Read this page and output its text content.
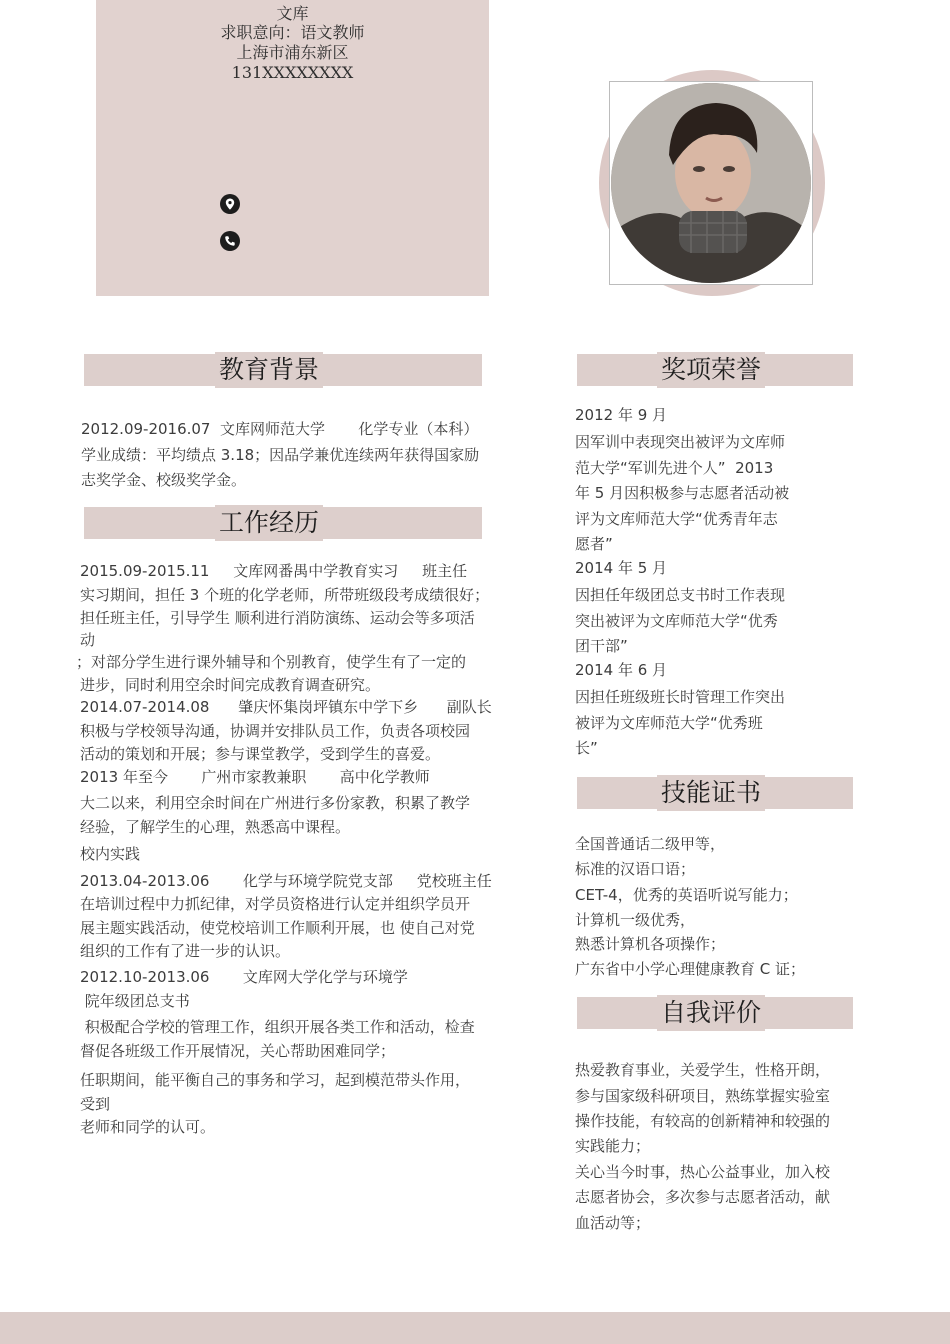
文库
求职意向：语文教师
上海市浦东新区
131XXXXXXXX
教育背景
2012.09-2016.07  文库网师范大学       化学专业（本科）
学业成绩：平均绩点 3.18；因品学兼优连续两年获得国家励
志奖学金、校级奖学金。
工作经历
2015.09-2015.11     文库网番禺中学教育实习     班主任
实习期间，担任 3 个班的化学老师，所带班级段考成绩很好；
担任班主任，引导学生 顺利进行消防演练、运动会等多项活
动
；对部分学生进行课外辅导和个别教育，使学生有了一定的
进步，同时利用空余时间完成教育调查研究。
2014.07-2014.08      肇庆怀集岗坪镇东中学下乡      副队长
积极与学校领导沟通，协调并安排队员工作，负责各项校园
活动的策划和开展；参与课堂教学，受到学生的喜爱。
2013 年至今       广州市家教兼职       高中化学教师
大二以来，利用空余时间在广州进行多份家教，积累了教学
经验，了解学生的心理，熟悉高中课程。
校内实践
2013.04-2013.06       化学与环境学院党支部     党校班主任
在培训过程中力抓纪律，对学员资格进行认定并组织学员开
展主题实践活动，使党校培训工作顺利开展，也 使自己对党
组织的工作有了进一步的认识。
2012.10-2013.06       文库网大学化学与环境学
院年级团总支书
积极配合学校的管理工作，组织开展各类工作和活动，检查
督促各班级工作开展情况，关心帮助困难同学；
任职期间，能平衡自己的事务和学习，起到模范带头作用，
受到
老师和同学的认可。
奖项荣誉
2012 年 9 月
因军训中表现突出被评为文库师
范大学“军训先进个人”  2013
年 5 月因积极参与志愿者活动被
评为文库师范大学“优秀青年志
愿者”
2014 年 5 月
因担任年级团总支书时工作表现
突出被评为文库师范大学“优秀
团干部”
2014 年 6 月
因担任班级班长时管理工作突出
被评为文库师范大学“优秀班
长”
技能证书
全国普通话二级甲等，
标准的汉语口语；
CET-4，优秀的英语听说写能力；
计算机一级优秀，
熟悉计算机各项操作；
广东省中小学心理健康教育 C 证；
自我评价
热爱教育事业，关爱学生，性格开朗，
参与国家级科研项目，熟练掌握实验室
操作技能，有较高的创新精神和较强的
实践能力；
关心当今时事，热心公益事业，加入校
志愿者协会，多次参与志愿者活动，献
血活动等；
